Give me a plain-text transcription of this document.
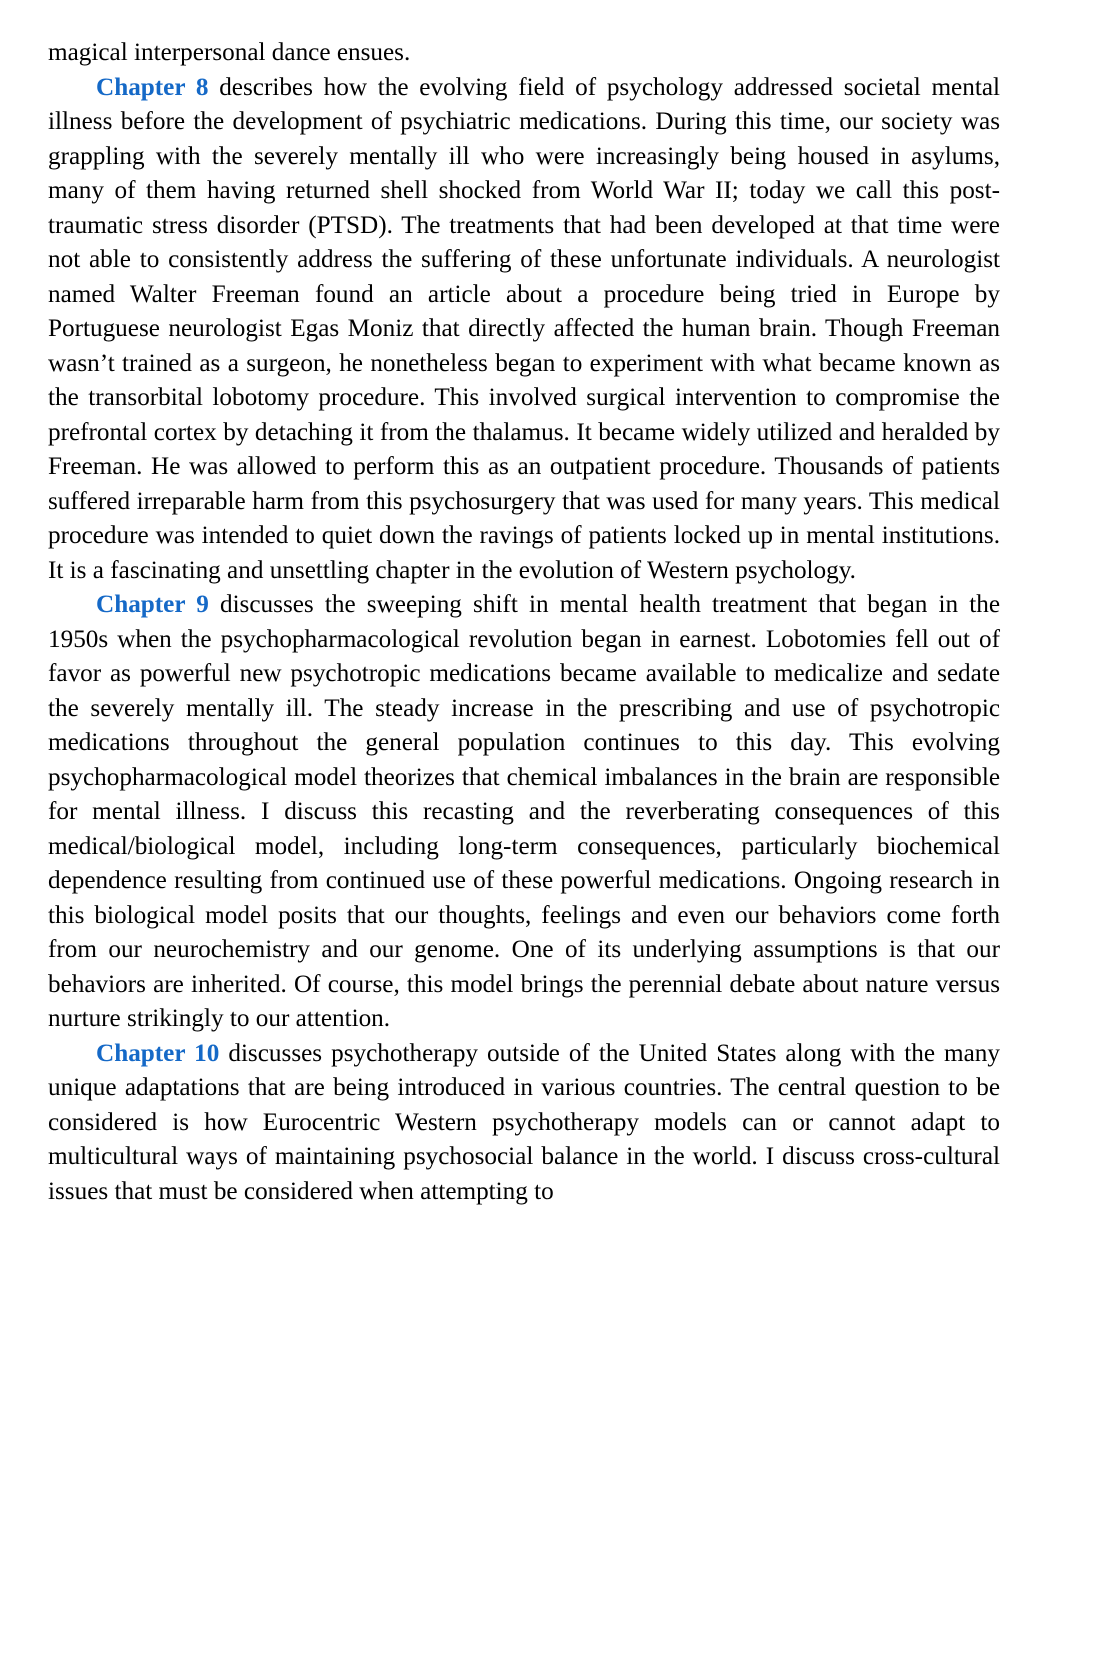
magical interpersonal dance ensues.

Chapter 8 describes how the evolving field of psychology addressed societal mental illness before the development of psychiatric medications. During this time, our society was grappling with the severely mentally ill who were increasingly being housed in asylums, many of them having returned shell shocked from World War II; today we call this post-traumatic stress disorder (PTSD). The treatments that had been developed at that time were not able to consistently address the suffering of these unfortunate individuals. A neurologist named Walter Freeman found an article about a procedure being tried in Europe by Portuguese neurologist Egas Moniz that directly affected the human brain. Though Freeman wasn’t trained as a surgeon, he nonetheless began to experiment with what became known as the transorbital lobotomy procedure. This involved surgical intervention to compromise the prefrontal cortex by detaching it from the thalamus. It became widely utilized and heralded by Freeman. He was allowed to perform this as an outpatient procedure. Thousands of patients suffered irreparable harm from this psychosurgery that was used for many years. This medical procedure was intended to quiet down the ravings of patients locked up in mental institutions. It is a fascinating and unsettling chapter in the evolution of Western psychology.

Chapter 9 discusses the sweeping shift in mental health treatment that began in the 1950s when the psychopharmacological revolution began in earnest. Lobotomies fell out of favor as powerful new psychotropic medications became available to medicalize and sedate the severely mentally ill. The steady increase in the prescribing and use of psychotropic medications throughout the general population continues to this day. This evolving psychopharmacological model theorizes that chemical imbalances in the brain are responsible for mental illness. I discuss this recasting and the reverberating consequences of this medical/biological model, including long-term consequences, particularly biochemical dependence resulting from continued use of these powerful medications. Ongoing research in this biological model posits that our thoughts, feelings and even our behaviors come forth from our neurochemistry and our genome. One of its underlying assumptions is that our behaviors are inherited. Of course, this model brings the perennial debate about nature versus nurture strikingly to our attention.

Chapter 10 discusses psychotherapy outside of the United States along with the many unique adaptations that are being introduced in various countries. The central question to be considered is how Eurocentric Western psychotherapy models can or cannot adapt to multicultural ways of maintaining psychosocial balance in the world. I discuss cross-cultural issues that must be considered when attempting to
